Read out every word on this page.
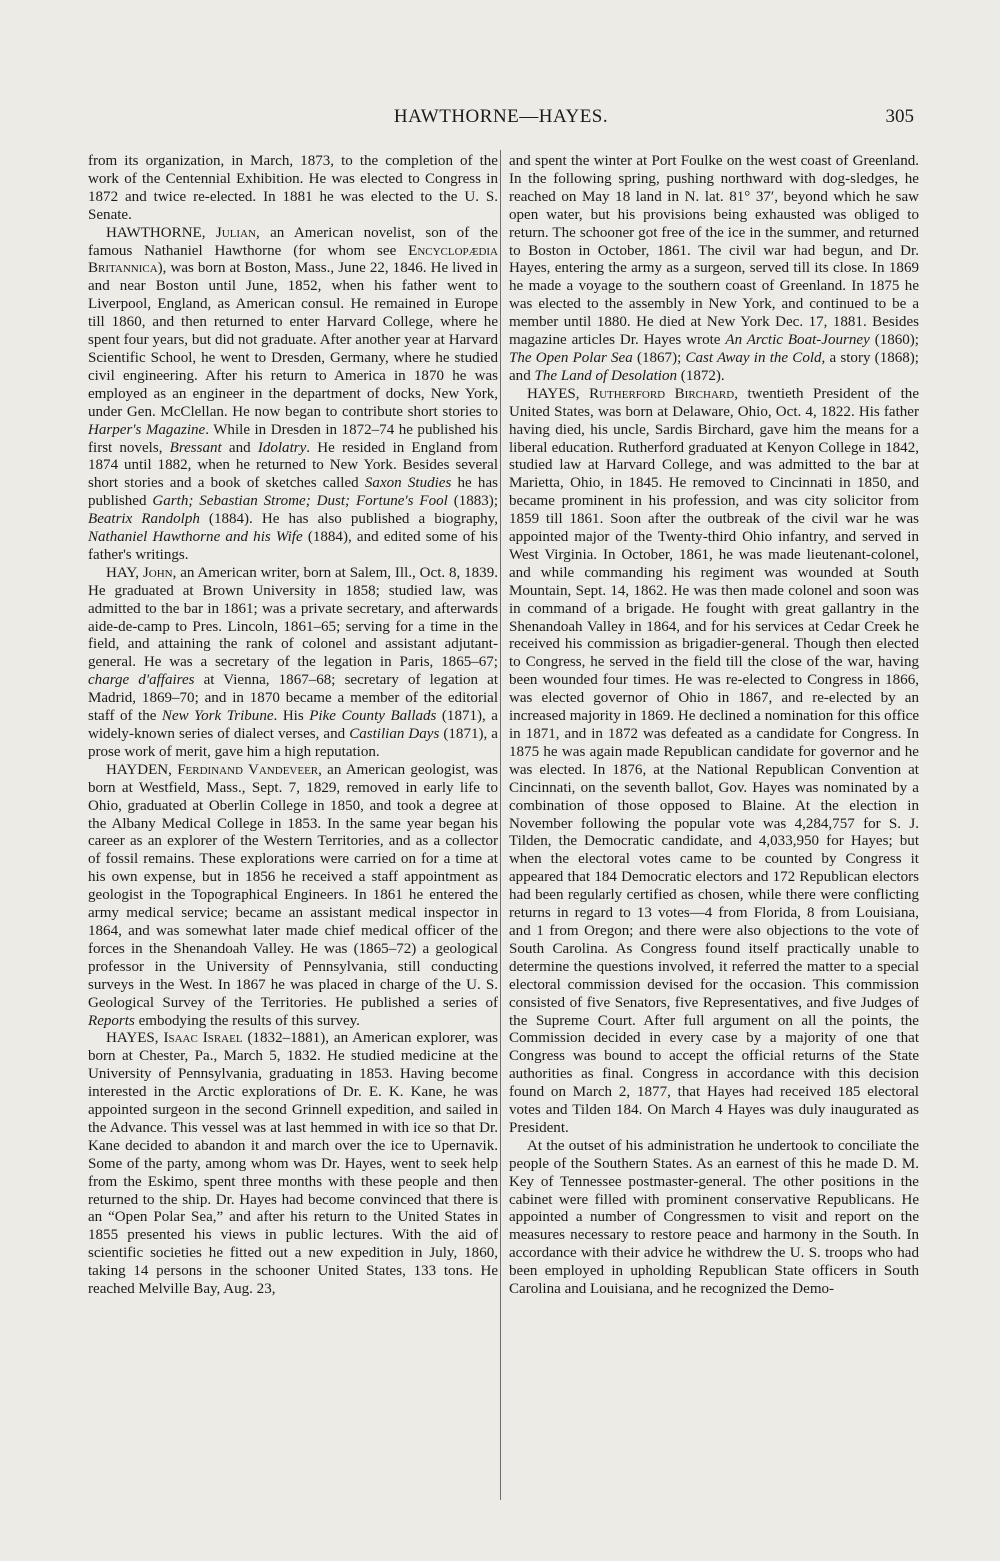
HAWTHORNE—HAYES.	305

from its organization, in March, 1873, to the completion of the work of the Centennial Exhibition. He was elected to Congress in 1872 and twice re-elected. In 1881 he was elected to the U. S. Senate.

HAWTHORNE, Julian, an American novelist, son of the famous Nathaniel Hawthorne (for whom see Encyclopædia Britannica), was born at Boston, Mass., June 22, 1846. He lived in and near Boston until June, 1852, when his father went to Liverpool, England, as American consul. He remained in Europe till 1860, and then returned to enter Harvard College, where he spent four years, but did not graduate. After another year at Harvard Scientific School, he went to Dresden, Germany, where he studied civil engineering. After his return to America in 1870 he was employed as an engineer in the department of docks, New York, under Gen. McClellan. He now began to contribute short stories to Harper's Magazine. While in Dresden in 1872–74 he published his first novels, Bressant and Idolatry. He resided in England from 1874 until 1882, when he returned to New York. Besides several short stories and a book of sketches called Saxon Studies he has published Garth; Sebastian Strome; Dust; Fortune's Fool (1883); Beatrix Randolph (1884). He has also published a biography, Nathaniel Hawthorne and his Wife (1884), and edited some of his father's writings.

HAY, John, an American writer, born at Salem, Ill., Oct. 8, 1839. He graduated at Brown University in 1858; studied law, was admitted to the bar in 1861; was a private secretary, and afterwards aide-de-camp to Pres. Lincoln, 1861–65; serving for a time in the field, and attaining the rank of colonel and assistant adjutant-general. He was a secretary of the legation in Paris, 1865–67; charge d'affaires at Vienna, 1867–68; secretary of legation at Madrid, 1869–70; and in 1870 became a member of the editorial staff of the New York Tribune. His Pike County Ballads (1871), a widely-known series of dialect verses, and Castilian Days (1871), a prose work of merit, gave him a high reputation.

HAYDEN, Ferdinand Vandeveer, an American geologist, was born at Westfield, Mass., Sept. 7, 1829, removed in early life to Ohio, graduated at Oberlin College in 1850, and took a degree at the Albany Medical College in 1853. In the same year began his career as an explorer of the Western Territories, and as a collector of fossil remains. These explorations were carried on for a time at his own expense, but in 1856 he received a staff appointment as geologist in the Topographical Engineers. In 1861 he entered the army medical service; became an assistant medical inspector in 1864, and was somewhat later made chief medical officer of the forces in the Shenandoah Valley. He was (1865–72) a geological professor in the University of Pennsylvania, still conducting surveys in the West. In 1867 he was placed in charge of the U. S. Geological Survey of the Territories. He published a series of Reports embodying the results of this survey.

HAYES, Isaac Israel (1832–1881), an American explorer, was born at Chester, Pa., March 5, 1832. He studied medicine at the University of Pennsylvania, graduating in 1853. Having become interested in the Arctic explorations of Dr. E. K. Kane, he was appointed surgeon in the second Grinnell expedition, and sailed in the Advance. This vessel was at last hemmed in with ice so that Dr. Kane decided to abandon it and march over the ice to Upernavik. Some of the party, among whom was Dr. Hayes, went to seek help from the Eskimo, spent three months with these people and then returned to the ship. Dr. Hayes had become convinced that there is an “Open Polar Sea,” and after his return to the United States in 1855 presented his views in public lectures. With the aid of scientific societies he fitted out a new expedition in July, 1860, taking 14 persons in the schooner United States, 133 tons. He reached Melville Bay, Aug. 23,

and spent the winter at Port Foulke on the west coast of Greenland. In the following spring, pushing northward with dog-sledges, he reached on May 18 land in N. lat. 81° 37′, beyond which he saw open water, but his provisions being exhausted was obliged to return. The schooner got free of the ice in the summer, and returned to Boston in October, 1861. The civil war had begun, and Dr. Hayes, entering the army as a surgeon, served till its close. In 1869 he made a voyage to the southern coast of Greenland. In 1875 he was elected to the assembly in New York, and continued to be a member until 1880. He died at New York Dec. 17, 1881. Besides magazine articles Dr. Hayes wrote An Arctic Boat-Journey (1860); The Open Polar Sea (1867); Cast Away in the Cold, a story (1868); and The Land of Desolation (1872).

HAYES, Rutherford Birchard, twentieth President of the United States, was born at Delaware, Ohio, Oct. 4, 1822. His father having died, his uncle, Sardis Birchard, gave him the means for a liberal education. Rutherford graduated at Kenyon College in 1842, studied law at Harvard College, and was admitted to the bar at Marietta, Ohio, in 1845. He removed to Cincinnati in 1850, and became prominent in his profession, and was city solicitor from 1859 till 1861. Soon after the outbreak of the civil war he was appointed major of the Twenty-third Ohio infantry, and served in West Virginia. In October, 1861, he was made lieutenant-colonel, and while commanding his regiment was wounded at South Mountain, Sept. 14, 1862. He was then made colonel and soon was in command of a brigade. He fought with great gallantry in the Shenandoah Valley in 1864, and for his services at Cedar Creek he received his commission as brigadier-general. Though then elected to Congress, he served in the field till the close of the war, having been wounded four times. He was re-elected to Congress in 1866, was elected governor of Ohio in 1867, and re-elected by an increased majority in 1869. He declined a nomination for this office in 1871, and in 1872 was defeated as a candidate for Congress. In 1875 he was again made Republican candidate for governor and he was elected. In 1876, at the National Republican Convention at Cincinnati, on the seventh ballot, Gov. Hayes was nominated by a combination of those opposed to Blaine. At the election in November following the popular vote was 4,284,757 for S. J. Tilden, the Democratic candidate, and 4,033,950 for Hayes; but when the electoral votes came to be counted by Congress it appeared that 184 Democratic electors and 172 Republican electors had been regularly certified as chosen, while there were conflicting returns in regard to 13 votes—4 from Florida, 8 from Louisiana, and 1 from Oregon; and there were also objections to the vote of South Carolina. As Congress found itself practically unable to determine the questions involved, it referred the matter to a special electoral commission devised for the occasion. This commission consisted of five Senators, five Representatives, and five Judges of the Supreme Court. After full argument on all the points, the Commission decided in every case by a majority of one that Congress was bound to accept the official returns of the State authorities as final. Congress in accordance with this decision found on March 2, 1877, that Hayes had received 185 electoral votes and Tilden 184. On March 4 Hayes was duly inaugurated as President.

At the outset of his administration he undertook to conciliate the people of the Southern States. As an earnest of this he made D. M. Key of Tennessee postmaster-general. The other positions in the cabinet were filled with prominent conservative Republicans. He appointed a number of Congressmen to visit and report on the measures necessary to restore peace and harmony in the South. In accordance with their advice he withdrew the U. S. troops who had been employed in upholding Republican State officers in South Carolina and Louisiana, and he recognized the Demo-
